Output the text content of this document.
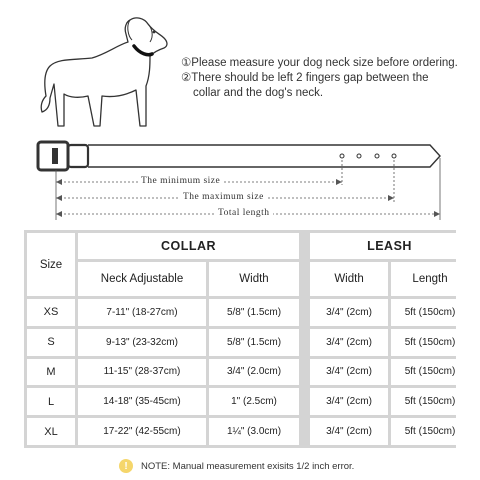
①Please measure your dog neck size before ordering.
②There should be left 2 fingers gap between the
collar and the dog's neck.
The minimum size
The maximum size
Total length
Size	COLLAR			LEASH	
	Neck Adjustable	Width		Width	Length
XS	7-11" (18-27cm)	5/8" (1.5cm)		3/4" (2cm)	5ft (150cm)
S	9-13" (23-32cm)	5/8" (1.5cm)		3/4" (2cm)	5ft (150cm)
M	11-15" (28-37cm)	3/4" (2.0cm)		3/4" (2cm)	5ft (150cm)
L	14-18" (35-45cm)	1" (2.5cm)		3/4" (2cm)	5ft (150cm)
XL	17-22" (42-55cm)	1¼" (3.0cm)		3/4" (2cm)	5ft (150cm)
!	NOTE: Manual measurement exisits 1/2 inch error.
